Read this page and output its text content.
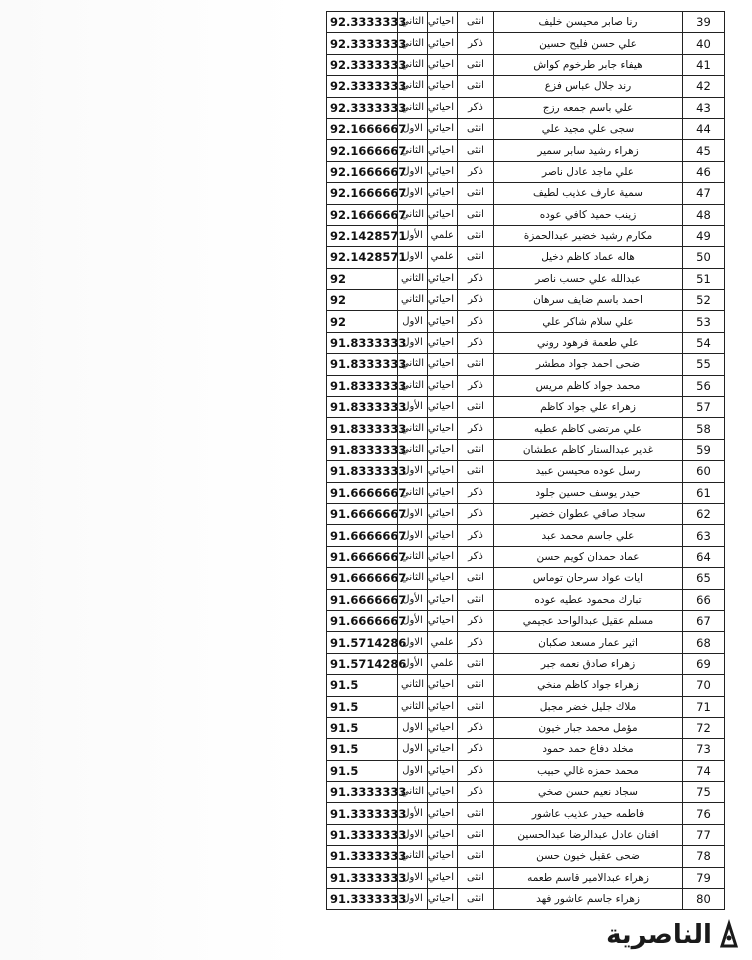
92.3333333	الثاني	احيائي	انثى	رنا صابر محيسن خليف	39
92.3333333	الثاني	احيائي	ذكر	علي حسن فليح حسين	40
92.3333333	الثاني	احيائي	انثى	هيفاء جابر طرخوم كواش	41
92.3333333	الثاني	احيائي	انثى	رند جلال عباس فزع	42
92.3333333	الثاني	احيائي	ذكر	علي باسم جمعه رزج	43
92.1666667	الاول	احيائي	انثى	سجى علي مجيد علي	44
92.1666667	الثاني	احيائي	انثى	زهراء رشيد سابر سمير	45
92.1666667	الاول	احيائي	ذكر	علي ماجد عادل ناصر	46
92.1666667	الاول	احيائي	انثى	سمية عارف عذيب لطيف	47
92.1666667	الثاني	احيائي	انثى	زينب حميد كافي عوده	48
92.1428571	الأول	علمي	انثى	مكارم رشيد خضير عبدالحمزة	49
92.1428571	الاول	علمي	انثى	هاله عماد كاظم دخيل	50
92	الثاني	احيائي	ذكر	عبدالله علي حسب ناصر	51
92	الثاني	احيائي	ذكر	احمد باسم ضايف سرهان	52
92	الاول	احيائي	ذكر	علي سلام شاكر علي	53
91.8333333	الاول	احيائي	ذكر	علي طعمة فرهود روني	54
91.8333333	الثاني	احيائي	انثى	ضحى احمد جواد مطشر	55
91.8333333	الثاني	احيائي	ذكر	محمد جواد كاظم مريس	56
91.8333333	الأول	احيائي	انثى	زهراء علي جواد كاظم	57
91.8333333	الثاني	احيائي	ذكر	علي مرتضى كاظم عطيه	58
91.8333333	الثاني	احيائي	انثى	غدير عبدالستار كاظم عطشان	59
91.8333333	الاول	احيائي	انثى	رسل عوده محيسن عبيد	60
91.6666667	الثاني	احيائي	ذكر	حيدر يوسف حسين جلود	61
91.6666667	الاول	احيائي	ذكر	سجاد صافي عطوان خضير	62
91.6666667	الاول	احيائي	ذكر	علي جاسم محمد عبد	63
91.6666667	الثاني	احيائي	ذكر	عماد حمدان كويم حسن	64
91.6666667	الثاني	احيائي	انثى	ايات عواد سرحان توماس	65
91.6666667	الأول	احيائي	انثى	تبارك محمود عطيه عوده	66
91.6666667	الأول	احيائي	ذكر	مسلم عقيل عبدالواحد عجيمي	67
91.5714286	الاول	علمي	ذكر	اثير عمار مسعد صكبان	68
91.5714286	الأول	علمي	انثى	زهراء صادق نعمه جبر	69
91.5	الثاني	احيائي	انثى	زهراء جواد كاظم منخي	70
91.5	الثاني	احيائي	انثى	ملاك جليل خضر مجبل	71
91.5	الاول	احيائي	ذكر	مؤمل محمد جبار خيون	72
91.5	الاول	احيائي	ذكر	مخلد دفاع حمد حمود	73
91.5	الاول	احيائي	ذكر	محمد حمزه غالي حبيب	74
91.3333333	الثاني	احيائي	ذكر	سجاد نعيم حسن صخي	75
91.3333333	الأول	احيائي	انثى	فاطمه حيدر عذيب عاشور	76
91.3333333	الاول	احيائي	انثى	افنان عادل عبدالرضا عبدالحسين	77
91.3333333	الثاني	احيائي	انثى	ضحى عقيل خيون حسن	78
91.3333333	الاول	احيائي	انثى	زهراء عبدالامير قاسم طعمه	79
91.3333333	الاول	احيائي	انثى	زهراء جاسم عاشور فهد	80
الناصرية
